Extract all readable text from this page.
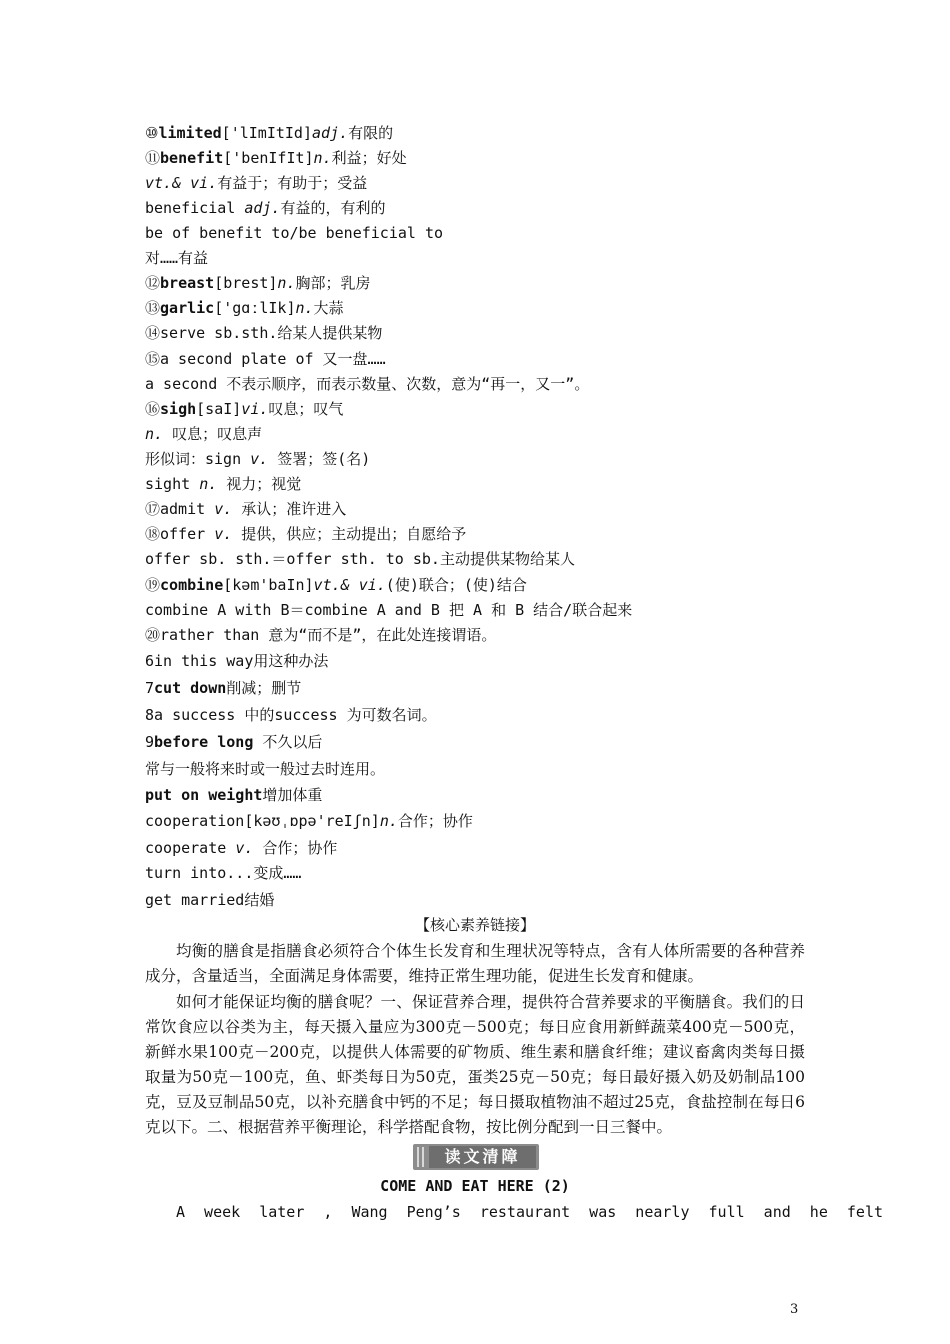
⑩limited['lImItId]adj.有限的
⑪benefit['benIfIt]n.利益；好处
vt.& vi.有益于；有助于；受益
beneficial adj.有益的，有利的
be of benefit to/be beneficial to
对……有益
⑫breast[brest]n.胸部；乳房
⑬garlic['gɑːlIk]n.大蒜
⑭serve sb.sth.给某人提供某物
⑮a second plate of 又一盘……
a second 不表示顺序，而表示数量、次数，意为“再一，又一”。
⑯sigh[saI]vi.叹息；叹气
n. 叹息；叹息声
形似词：sign v. 签署；签(名)
sight n. 视力；视觉
⑰admit v. 承认；准许进入
⑱offer v. 提供，供应；主动提出；自愿给予
offer sb. sth.＝offer sth. to sb.主动提供某物给某人
⑲combine[kəm'baIn]vt.& vi.(使)联合；(使)结合
combine A with B＝combine A and B 把 A 和 B 结合/联合起来
⑳rather than 意为“而不是”，在此处连接谓语。
6in this way用这种办法
7cut down削减；删节
8a success 中的success 为可数名词。
9before long 不久以后
常与一般将来时或一般过去时连用。
put on weight增加体重
cooperation[kəʊˌɒpə'reIʃn]n.合作；协作
cooperate v. 合作；协作
turn into...变成……
get married结婚
【核心素养链接】
均衡的膳食是指膳食必须符合个体生长发育和生理状况等特点，含有人体所需要的各种营养成分，含量适当，全面满足身体需要，维持正常生理功能，促进生长发育和健康。
如何才能保证均衡的膳食呢？一、保证营养合理，提供符合营养要求的平衡膳食。我们的日常饮食应以谷类为主，每天摄入量应为300克－500克；每日应食用新鲜蔬菜400克－500克，新鲜水果100克－200克，以提供人体需要的矿物质、维生素和膳食纤维；建议畜禽肉类每日摄取量为50克－100克，鱼、虾类每日为50克，蛋类25克－50克；每日最好摄入奶及奶制品100克，豆及豆制品50克，以补充膳食中钙的不足；每日摄取植物油不超过25克，食盐控制在每日6克以下。二、根据营养平衡理论，科学搭配食物，按比例分配到一日三餐中。
读文清障
COME AND EAT HERE (2)
A week later , Wang Peng’s restaurant was nearly full and he felt
3
